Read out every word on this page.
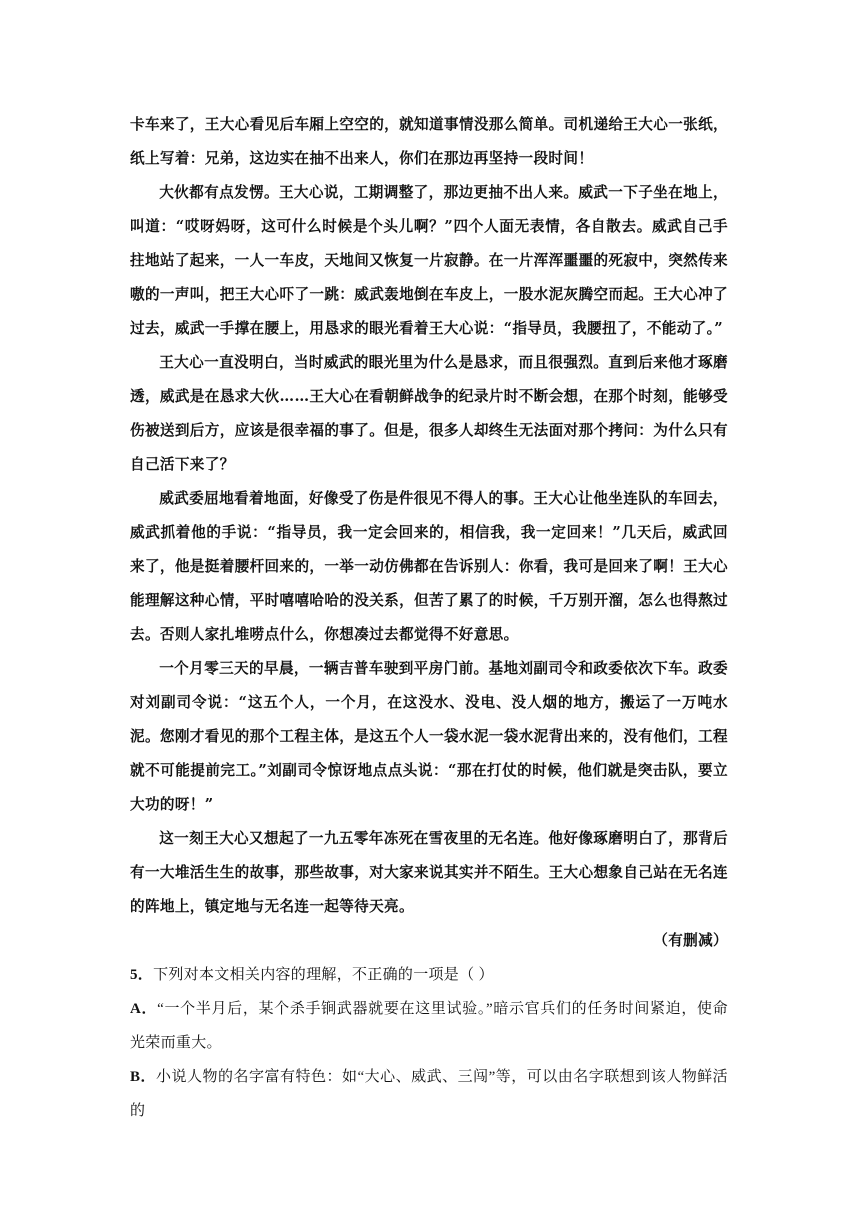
卡车来了，王大心看见后车厢上空空的，就知道事情没那么简单。司机递给王大心一张纸，纸上写着：兄弟，这边实在抽不出来人，你们在那边再坚持一段时间！

大伙都有点发愣。王大心说，工期调整了，那边更抽不出人来。威武一下子坐在地上，叫道：“哎呀妈呀，这可什么时候是个头儿啊？”四个人面无表情，各自散去。威武自己手拄地站了起来，一人一车皮，天地间又恢复一片寂静。在一片浑浑噩噩的死寂中，突然传来嗷的一声叫，把王大心吓了一跳：威武轰地倒在车皮上，一股水泥灰腾空而起。王大心冲了过去，威武一手撑在腰上，用恳求的眼光看着王大心说：“指导员，我腰扭了，不能动了。”

王大心一直没明白，当时威武的眼光里为什么是恳求，而且很强烈。直到后来他才琢磨透，威武是在恳求大伙……王大心在看朝鲜战争的纪录片时不断会想，在那个时刻，能够受伤被送到后方，应该是很幸福的事了。但是，很多人却终生无法面对那个拷问：为什么只有自己活下来了？

威武委屈地看着地面，好像受了伤是件很见不得人的事。王大心让他坐连队的车回去，威武抓着他的手说：“指导员，我一定会回来的，相信我，我一定回来！”几天后，威武回来了，他是挺着腰杆回来的，一举一动仿佛都在告诉别人：你看，我可是回来了啊！王大心能理解这种心情，平时嘻嘻哈哈的没关系，但苦了累了的时候，千万别开溜，怎么也得熬过去。否则人家扎堆唠点什么，你想凑过去都觉得不好意思。

一个月零三天的早晨，一辆吉普车驶到平房门前。基地刘副司令和政委依次下车。政委对刘副司令说：“这五个人，一个月，在这没水、没电、没人烟的地方，搬运了一万吨水泥。您刚才看见的那个工程主体，是这五个人一袋水泥一袋水泥背出来的，没有他们，工程就不可能提前完工。”刘副司令惊讶地点点头说：“那在打仗的时候，他们就是突击队，要立大功的呀！”

这一刻王大心又想起了一九五零年冻死在雪夜里的无名连。他好像琢磨明白了，那背后有一大堆活生生的故事，那些故事，对大家来说其实并不陌生。王大心想象自己站在无名连的阵地上，镇定地与无名连一起等待天亮。

（有删减）

5．下列对本文相关内容的理解，不正确的一项是（ ）

A．“一个半月后，某个杀手锏武器就要在这里试验。”暗示官兵们的任务时间紧迫，使命光荣而重大。

B．小说人物的名字富有特色：如“大心、威武、三闯”等，可以由名字联想到该人物鲜活的
